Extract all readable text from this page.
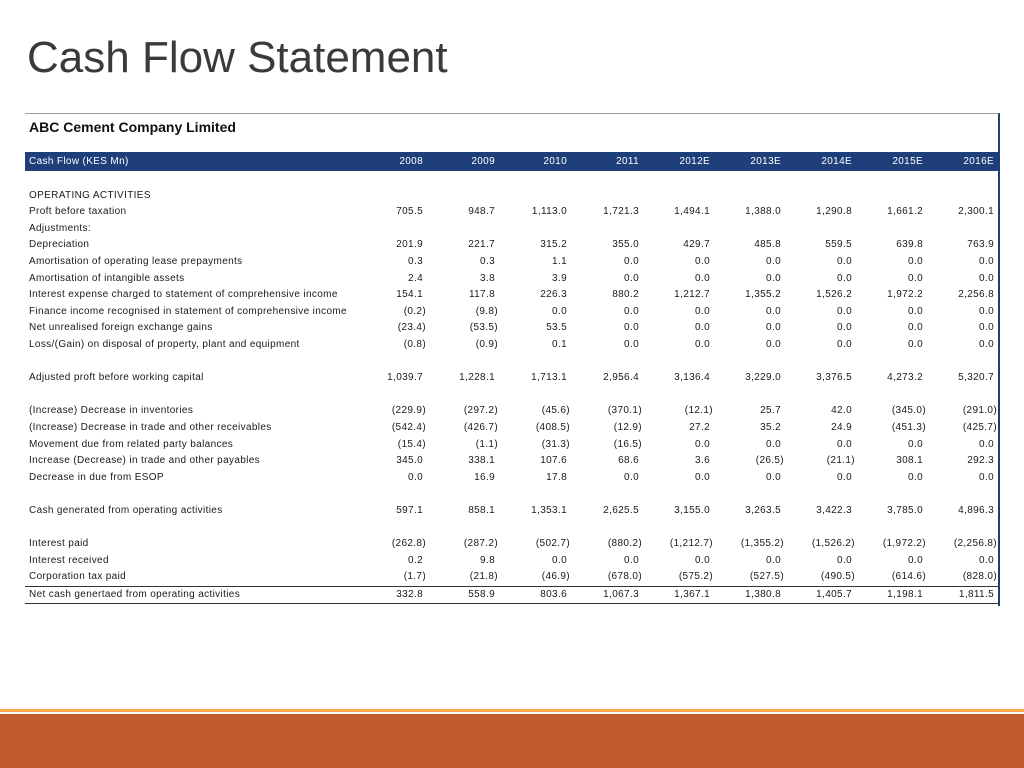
Cash Flow Statement
ABC Cement Company Limited
Cash Flow (KES Mn)	2008	2009	2010	2011	2012E	2013E	2014E	2015E	2016E

OPERATING ACTIVITIES									
Proft before taxation	705.5	948.7	1,113.0	1,721.3	1,494.1	1,388.0	1,290.8	1,661.2	2,300.1
Adjustments:									
Depreciation	201.9	221.7	315.2	355.0	429.7	485.8	559.5	639.8	763.9
Amortisation of operating lease prepayments	0.3	0.3	1.1	0.0	0.0	0.0	0.0	0.0	0.0
Amortisation of intangible assets	2.4	3.8	3.9	0.0	0.0	0.0	0.0	0.0	0.0
Interest expense charged to statement of comprehensive income	154.1	117.8	226.3	880.2	1,212.7	1,355.2	1,526.2	1,972.2	2,256.8
Finance income recognised in statement of comprehensive income	(0.2)	(9.8)	0.0	0.0	0.0	0.0	0.0	0.0	0.0
Net unrealised foreign exchange gains	(23.4)	(53.5)	53.5	0.0	0.0	0.0	0.0	0.0	0.0
Loss/(Gain) on disposal of property, plant and equipment	(0.8)	(0.9)	0.1	0.0	0.0	0.0	0.0	0.0	0.0

Adjusted proft before working capital	1,039.7	1,228.1	1,713.1	2,956.4	3,136.4	3,229.0	3,376.5	4,273.2	5,320.7

(Increase) Decrease in inventories	(229.9)	(297.2)	(45.6)	(370.1)	(12.1)	25.7	42.0	(345.0)	(291.0)
(Increase) Decrease in trade and other receivables	(542.4)	(426.7)	(408.5)	(12.9)	27.2	35.2	24.9	(451.3)	(425.7)
Movement due from related party balances	(15.4)	(1.1)	(31.3)	(16.5)	0.0	0.0	0.0	0.0	0.0
Increase (Decrease) in trade and other payables	345.0	338.1	107.6	68.6	3.6	(26.5)	(21.1)	308.1	292.3
Decrease in due from ESOP	0.0	16.9	17.8	0.0	0.0	0.0	0.0	0.0	0.0

Cash generated from operating activities	597.1	858.1	1,353.1	2,625.5	3,155.0	3,263.5	3,422.3	3,785.0	4,896.3

Interest paid	(262.8)	(287.2)	(502.7)	(880.2)	(1,212.7)	(1,355.2)	(1,526.2)	(1,972.2)	(2,256.8)
Interest received	0.2	9.8	0.0	0.0	0.0	0.0	0.0	0.0	0.0
Corporation tax paid	(1.7)	(21.8)	(46.9)	(678.0)	(575.2)	(527.5)	(490.5)	(614.6)	(828.0)
Net cash genertaed from operating activities	332.8	558.9	803.6	1,067.3	1,367.1	1,380.8	1,405.7	1,198.1	1,811.5
